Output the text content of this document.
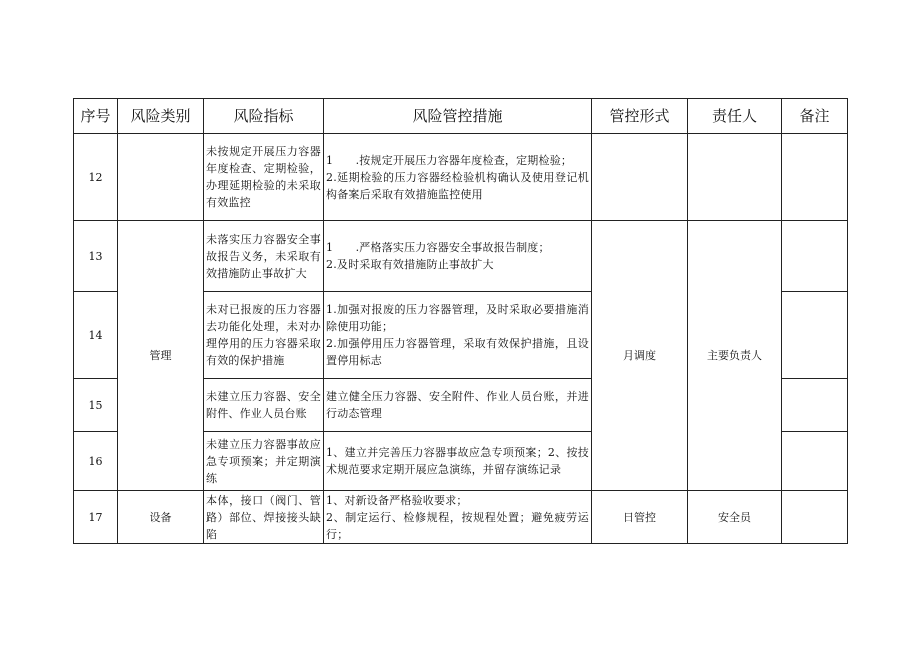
序号	风险类别	风险指标	风险管控措施	管控形式	责任人	备注
12		未按规定开展压力容器年度检查、定期检验，办理延期检验的未采取有效监控	1　　.按规定开展压力容器年度检查，定期检验；
2.延期检验的压力容器经检验机构确认及使用登记机构备案后采取有效措施监控使用			

13	管理	未落实压力容器安全事故报告义务，未采取有效措施防止事故扩大	1　　.严格落实压力容器安全事故报告制度；
2.及时采取有效措施防止事故扩大	月调度	主要负责人	
14		未对已报废的压力容器去功能化处理，未对办理停用的压力容器采取有效的保护措施	1.加强对报废的压力容器管理，及时采取必要措施消除使用功能；
2.加强停用压力容器管理，采取有效保护措施，且设置停用标志			

15		未建立压力容器、安全附件、作业人员台账	建立健全压力容器、安全附件、作业人员台账，并进行动态管理			

16		未建立压力容器事故应急专项预案；并定期演练	1、建立并完善压力容器事故应急专项预案；2、按技术规范要求定期开展应急演练，并留存演练记录			

17	设备	本体，接口（阀门、管路）部位、焊接接头缺陷	1、对新设备严格验收要求；
2、制定运行、检修规程，按规程处置；避免疲劳运行；	日管控	安全员	
